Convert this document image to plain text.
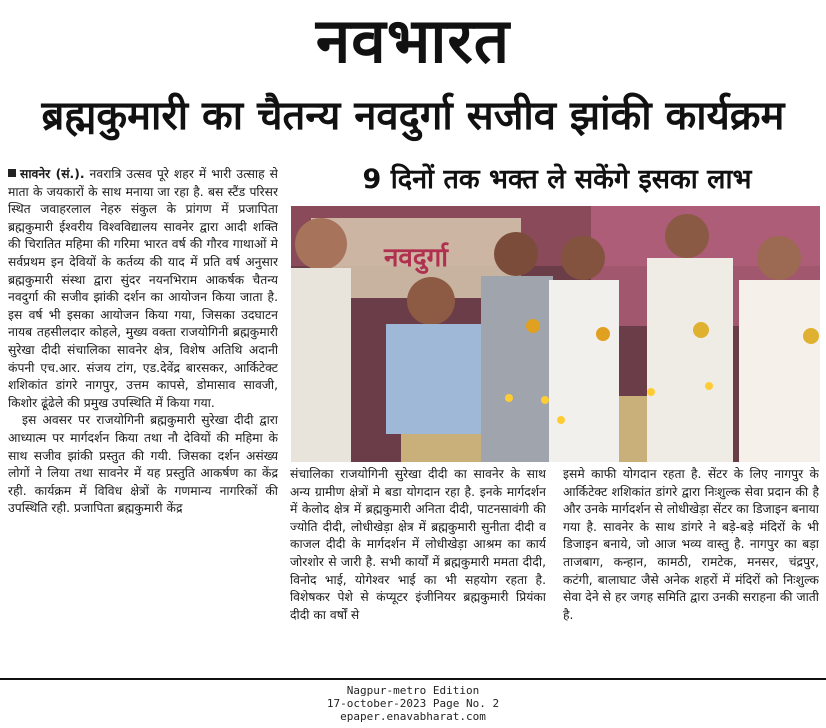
नवभारत
ब्रह्मकुमारी का चैतन्य नवदुर्गा सजीव झांकी कार्यक्रम
9 दिनों तक भक्त ले सकेंगे इसका लाभ

सावनेर (सं.). नवरात्रि उत्सव पूरे शहर में भारी उत्साह से माता के जयकारों के साथ मनाया जा रहा है. बस स्टैंड परिसर स्थित जवाहरलाल नेहरु संकुल के प्रांगण में प्रजापिता ब्रह्मकुमारी ईश्वरीय विश्वविद्यालय सावनेर द्वारा आदी शक्ति की चिरातित महिमा की गरिमा भारत वर्ष की गौरव गाथाओं मे सर्वप्रथम इन देवियों के कर्तव्य की याद में प्रति वर्ष अनुसार ब्रह्मकुमारी संस्था द्वारा सुंदर नयनभिराम आकर्षक चैतन्य नवदुर्गा की सजीव झांकी दर्शन का आयोजन किया जाता है. इस वर्ष भी इसका आयोजन किया गया, जिसका उदघाटन नायब तहसीलदार कोहले, मुख्य वक्ता राजयोगिनी ब्रह्मकुमारी सुरेखा दीदी संचालिका सावनेर क्षेत्र, विशेष अतिथि अदानी कंपनी एच.आर. संजय टांग, एड.देवेंद्र बारसकर, आर्किटेक्ट शशिकांत डांगरे नागपुर, उत्तम कापसे, डोमासाव सावजी, किशोर ढूंढेले की प्रमुख उपस्थिति में किया गया.

इस अवसर पर राजयोगिनी ब्रह्मकुमारी सुरेखा दीदी द्वारा आध्यात्म पर मार्गदर्शन किया तथा नौ देवियों की महिमा के साथ सजीव झांकी प्रस्तुत की गयी. जिसका दर्शन असंख्य लोगों ने लिया तथा सावनेर में यह प्रस्तुति आकर्षण का केंद्र रही. कार्यक्रम में विविध क्षेत्रों के गणमान्य नागरिकों की उपस्थिति रही. प्रजापिता ब्रह्मकुमारी केंद्र

नवदुर्गा

संचालिका राजयोगिनी सुरेखा दीदी का सावनेर के साथ अन्य ग्रामीण क्षेत्रों मे बडा योगदान रहा है. इनके मार्गदर्शन में केलोद क्षेत्र में ब्रह्मकुमारी अनिता दीदी, पाटनसावंगी की ज्योति दीदी, लोधीखेड़ा क्षेत्र में ब्रह्मकुमारी सुनीता दीदी व काजल दीदी के मार्गदर्शन में लोधीखेड़ा आश्रम का कार्य जोरशोर से जारी है. सभी कार्यों में ब्रह्मकुमारी ममता दीदी, विनोद भाई, योगेश्वर भाई का भी सहयोग रहता है. विशेषकर पेशे से कंप्यूटर इंजीनियर ब्रह्मकुमारी प्रियंका दीदी का वर्षों से

इसमे काफी योगदान रहता है. सेंटर के लिए नागपुर के आर्किटेक्ट शशिकांत डांगरे द्वारा निःशुल्क सेवा प्रदान की है और उनके मार्गदर्शन से लोधीखेड़ा सेंटर का डिजाइन बनाया गया है. सावनेर के साथ डांगरे ने बड़े-बड़े मंदिरों के भी डिजाइन बनाये, जो आज भव्य वास्तु है. नागपुर का बड़ा ताजबाग, कन्हान, कामठी, रामटेक, मनसर, चंद्रपुर, कटंगी, बालाघाट जैसे अनेक शहरों में मंदिरों को निःशुल्क सेवा देने से हर जगह समिति द्वारा उनकी सराहना की जाती है.

Nagpur-metro Edition
17-october-2023 Page No. 2
epaper.enavabharat.com
